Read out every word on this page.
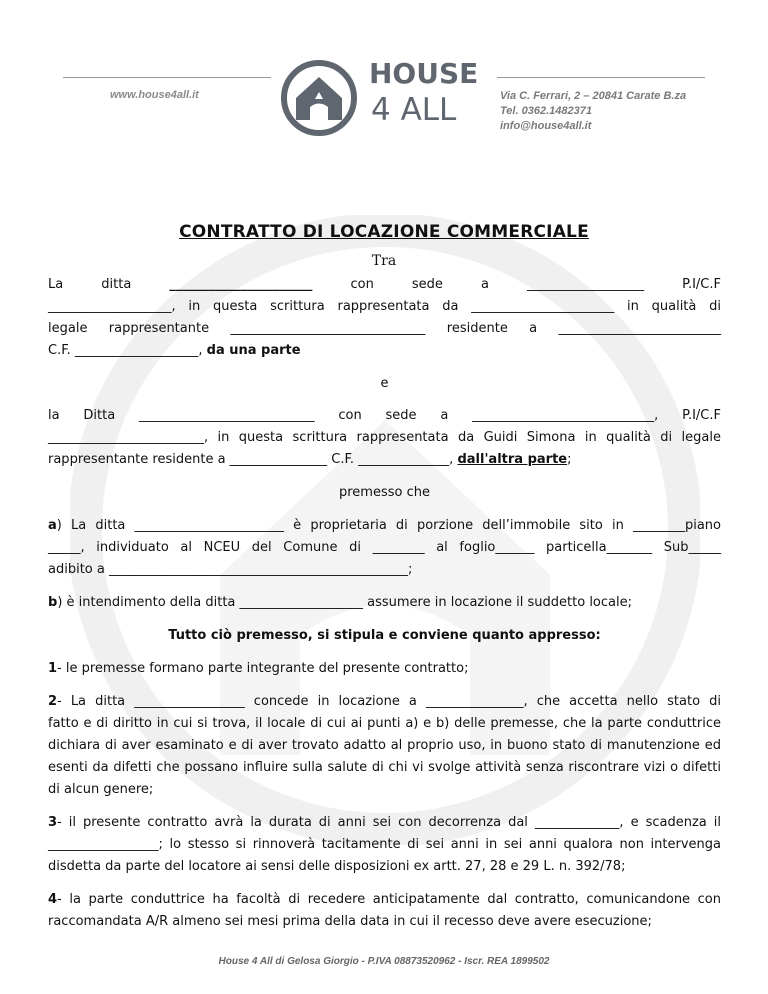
www.house4all.it
HOUSE
4 ALL	Via C. Ferrari, 2 – 20841 Carate B.za
Tel. 0362.1482371
info@house4all.it
CONTRATTO DI LOCAZIONE COMMERCIALE
Tra
La	ditta	______________________	con	sede	a	__________________	P.I/C.F
___________________, in questa scrittura rappresentata da ______________________ in qualità di
legale rappresentante ______________________________ residente a _________________________
C.F. ___________________, da una parte
e
la Ditta ___________________________ con sede a ____________________________, P.I/C.F
________________________, in questa scrittura rappresentata da Guidi Simona in qualità di legale
rappresentante residente a _______________ C.F. ______________, dall'altra parte;
premesso che
a) La ditta _______________________ è proprietaria di porzione dell’immobile sito in ________piano
_____, individuato al NCEU del Comune di ________ al foglio______ particella_______ Sub_____
adibito a ______________________________________________;
b) è intendimento della ditta ___________________ assumere in locazione il suddetto locale;
Tutto ciò premesso, si stipula e conviene quanto appresso:
1- le premesse formano parte integrante del presente contratto;
2- La ditta _________________ concede in locazione a _______________, che accetta nello stato di
fatto e di diritto in cui si trova, il locale di cui ai punti a) e b) delle premesse, che la parte conduttrice
dichiara di aver esaminato e di aver trovato adatto al proprio uso, in buono stato di manutenzione ed
esenti da difetti che possano influire sulla salute di chi vi svolge attività senza riscontrare vizi o difetti
di alcun genere;
3- il presente contratto avrà la durata di anni sei con decorrenza dal _____________, e scadenza il
_________________; lo stesso si rinnoverà tacitamente di sei anni in sei anni qualora non intervenga
disdetta da parte del locatore ai sensi delle disposizioni ex artt. 27, 28 e 29 L. n. 392/78;
4- la parte conduttrice ha facoltà di recedere anticipatamente dal contratto, comunicandone con
raccomandata A/R almeno sei mesi prima della data in cui il recesso deve avere esecuzione;
House 4 All di Gelosa Giorgio - P.IVA 08873520962 - Iscr. REA 1899502
